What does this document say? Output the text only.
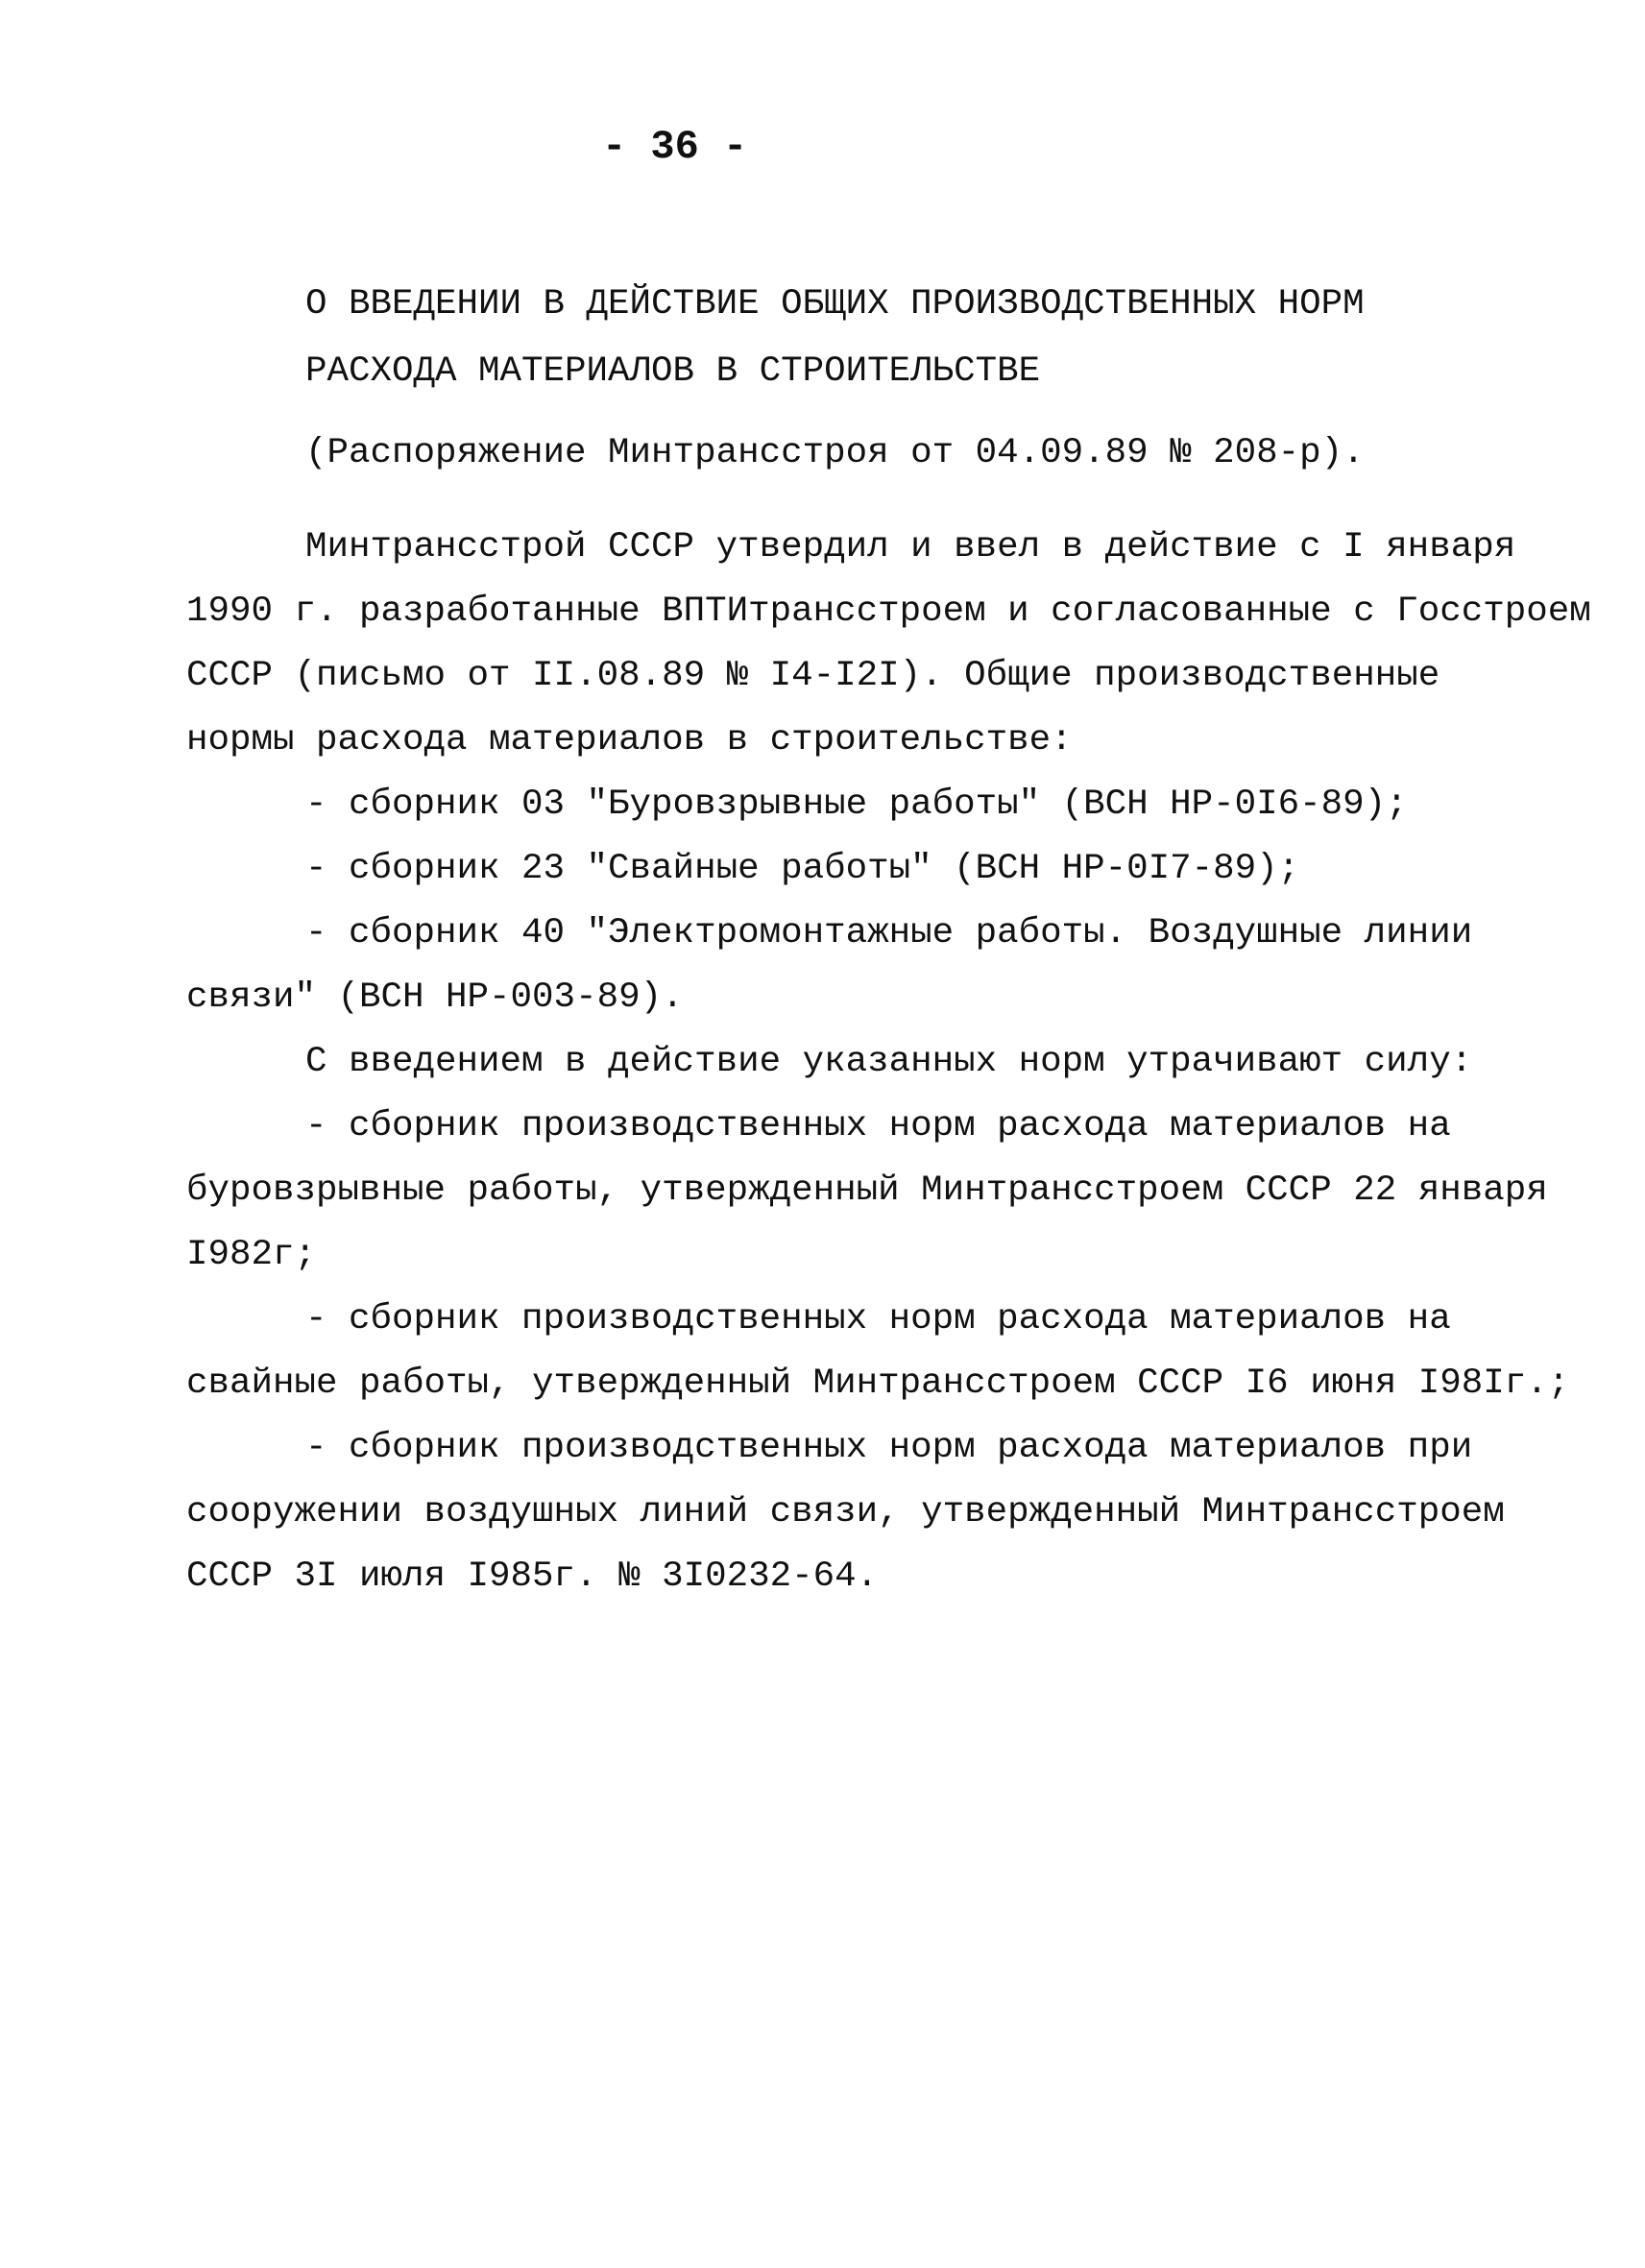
- 36 -
О ВВЕДЕНИИ В ДЕЙСТВИЕ ОБЩИХ ПРОИЗВОДСТВЕННЫХ НОРМ
РАСХОДА МАТЕРИАЛОВ В СТРОИТЕЛЬСТВЕ
(Распоряжение Минтрансстроя от 04.09.89 № 208-р).
Минтрансстрой СССР утвердил и ввел в действие с I января
1990 г. разработанные ВПТИтрансстроем и согласованные с Госстроем
СССР (письмо от II.08.89 № I4-I2I). Общие производственные
нормы расхода материалов в строительстве:
- сборник 03 "Буровзрывные работы" (ВСН НР-0I6-89);
- сборник 23 "Свайные работы" (ВСН НР-0I7-89);
- сборник 40 "Электромонтажные работы. Воздушные линии
связи" (ВСН НР-003-89).
С введением в действие указанных норм утрачивают силу:
- сборник производственных норм расхода материалов на
буровзрывные работы, утвержденный Минтрансстроем СССР 22 января
I982г;
- сборник производственных норм расхода материалов на
свайные работы, утвержденный Минтрансстроем СССР I6 июня I98Iг.;
- сборник производственных норм расхода материалов при
сооружении воздушных линий связи, утвержденный Минтрансстроем
СССР 3I июля I985г. № 3I0232-64.
